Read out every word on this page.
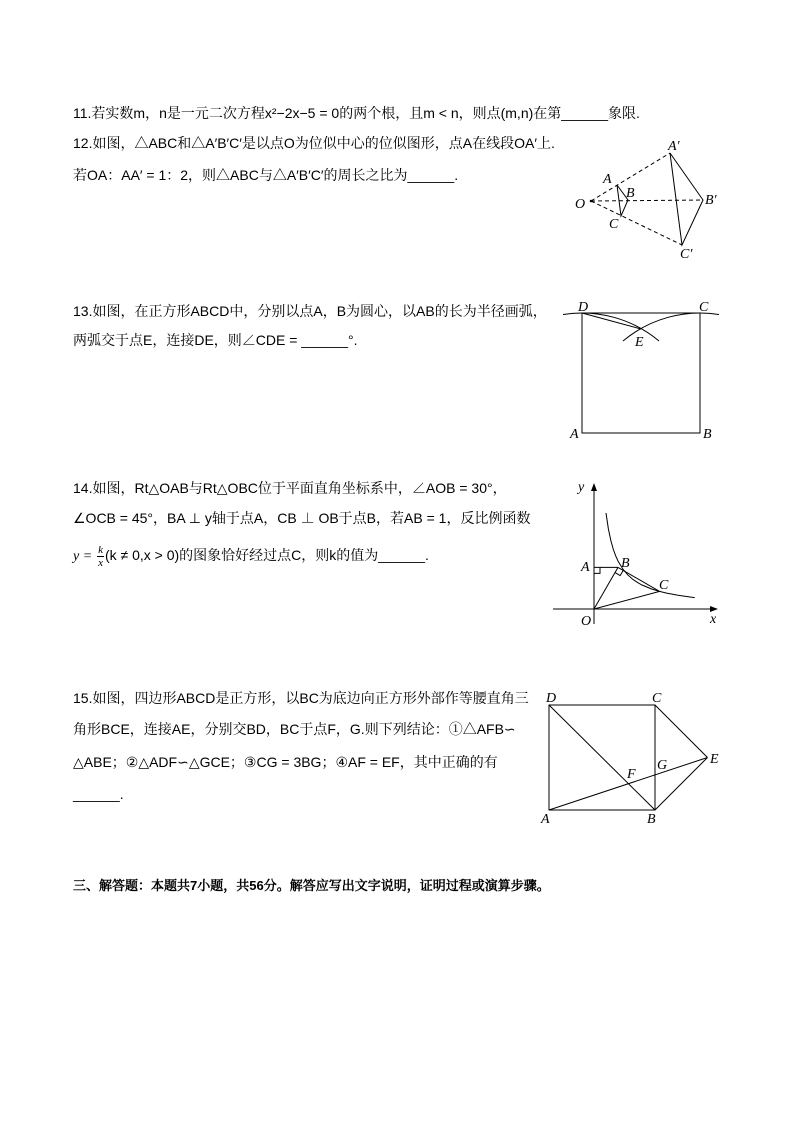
11.若实数m，n是一元二次方程x²−2x−5 = 0的两个根，且m < n，则点(m,n)在第______象限.
12.如图，△ABC和△A′B′C′是以点O为位似中心的位似图形，点A在线段OA′上.
若OA：AA′ = 1：2，则△ABC与△A′B′C′的周长之比为______.
O
A
B
C
A′
B′
C′
13.如图，在正方形ABCD中，分别以点A，B为圆心，以AB的长为半径画弧，
两弧交于点E，连接DE，则∠CDE = ______°.
D	C
A	B
E
14.如图，Rt△OAB与Rt△OBC位于平面直角坐标系中，∠AOB = 30°，
∠OCB = 45°，BA ⊥ y轴于点A，CB ⊥ OB于点B，若AB = 1，反比例函数
$y = \frac{k}{x} (k \ne 0,x > 0)$的图象恰好经过点C，则k的值为______.
y
x
O
A B
C
15.如图，四边形ABCD是正方形，以BC为底边向正方形外部作等腰直角三
角形BCE，连接AE，分别交BD，BC于点F，G.则下列结论：①△AFB∽
△ABE；②△ADF∽△GCE；③CG = 3BG；④AF = EF，其中正确的有
______.
D	C
A	B
E
F
G
三、解答题：本题共7小题，共56分。解答应写出文字说明，证明过程或演算步骤。
